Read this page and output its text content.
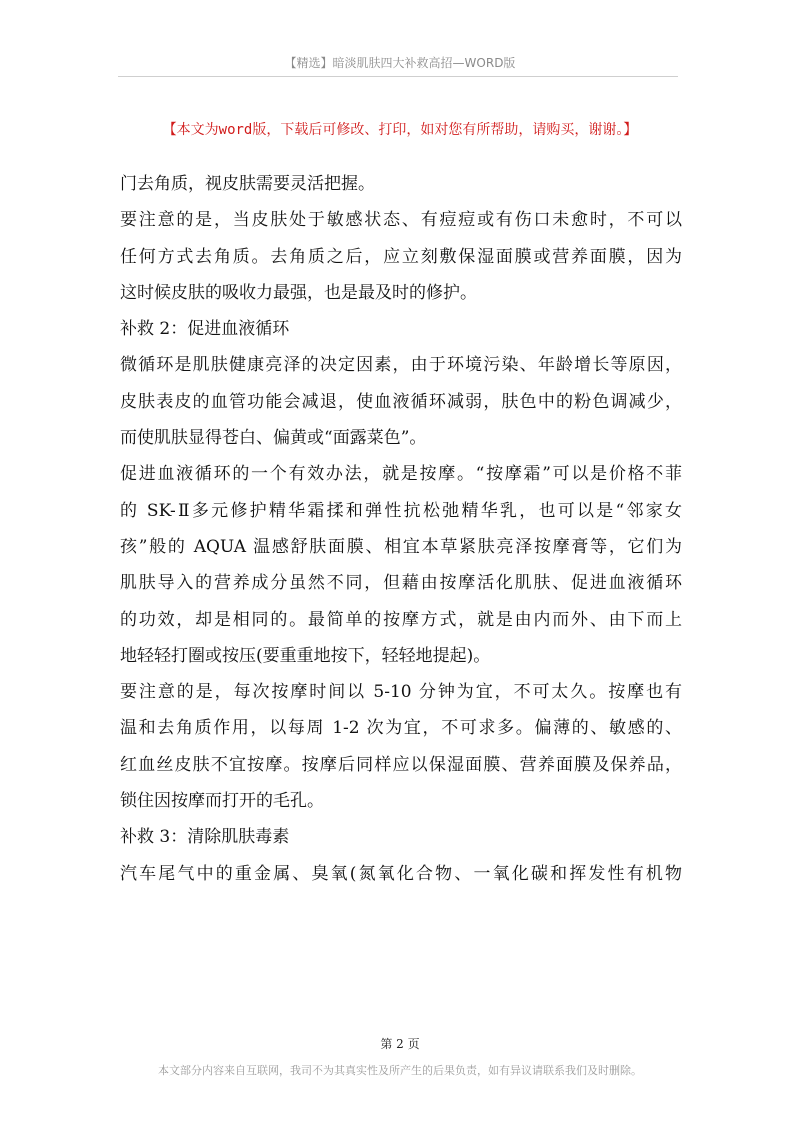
【精选】暗淡肌肤四大补救高招—WORD版
【本文为word版，下载后可修改、打印，如对您有所帮助，请购买，谢谢。】
门去角质，视皮肤需要灵活把握。
要注意的是，当皮肤处于敏感状态、有痘痘或有伤口未愈时，不可以
任何方式去角质。去角质之后，应立刻敷保湿面膜或营养面膜，因为
这时候皮肤的吸收力最强，也是最及时的修护。
补救 2：促进血液循环
微循环是肌肤健康亮泽的决定因素，由于环境污染、年龄增长等原因，
皮肤表皮的血管功能会减退，使血液循环减弱，肤色中的粉色调减少，
而使肌肤显得苍白、偏黄或“面露菜色”。
促进血液循环的一个有效办法，就是按摩。“按摩霜”可以是价格不菲
的 SK-Ⅱ多元修护精华霜揉和弹性抗松弛精华乳，也可以是“邻家女
孩”般的 AQUA 温感舒肤面膜、相宜本草紧肤亮泽按摩膏等，它们为
肌肤导入的营养成分虽然不同，但藉由按摩活化肌肤、促进血液循环
的功效，却是相同的。最简单的按摩方式，就是由内而外、由下而上
地轻轻打圈或按压(要重重地按下，轻轻地提起)。
要注意的是，每次按摩时间以 5-10 分钟为宜，不可太久。按摩也有
温和去角质作用，以每周 1-2 次为宜，不可求多。偏薄的、敏感的、
红血丝皮肤不宜按摩。按摩后同样应以保湿面膜、营养面膜及保养品，
锁住因按摩而打开的毛孔。
补救 3：清除肌肤毒素
汽车尾气中的重金属、臭氧(氮氧化合物、一氧化碳和挥发性有机物
第 2 页
本文部分内容来自互联网，我司不为其真实性及所产生的后果负责，如有异议请联系我们及时删除。
